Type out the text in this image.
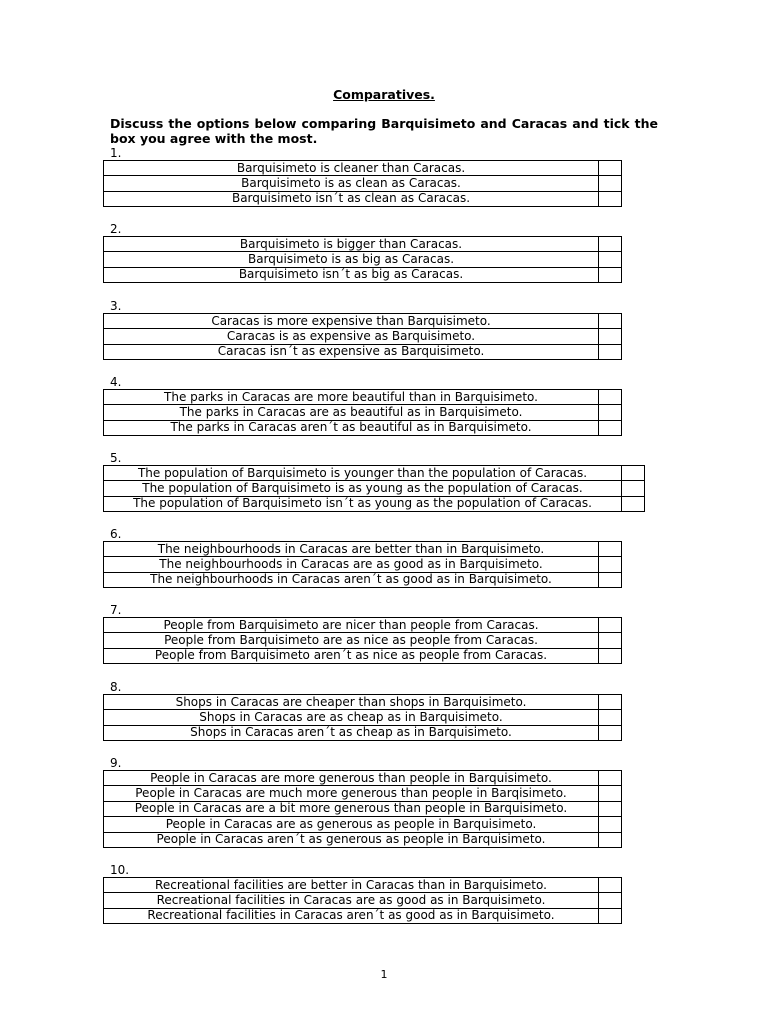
Comparatives.
Discuss the options below comparing Barquisimeto and Caracas and tick the box you agree with the most.
1.
Barquisimeto is cleaner than Caracas.	
Barquisimeto is as clean as Caracas.	
Barquisimeto isn´t as clean as Caracas.	
2.
Barquisimeto is bigger than Caracas.	
Barquisimeto is as big as Caracas.	
Barquisimeto isn´t as big as Caracas.	
3.
Caracas is more expensive than Barquisimeto.	
Caracas is as expensive as Barquisimeto.	
Caracas isn´t as expensive as Barquisimeto.	
4.
The parks in Caracas are more beautiful than in Barquisimeto.	
The parks in Caracas are as beautiful as in Barquisimeto.	
The parks in Caracas aren´t as beautiful as in Barquisimeto.	
5.
The population of Barquisimeto is younger than the population of Caracas.	
The population of Barquisimeto is as young as the population of Caracas.	
The population of Barquisimeto isn´t as young as the population of Caracas.	
6.
The neighbourhoods in Caracas are better than in Barquisimeto.	
The neighbourhoods in Caracas are as good as in Barquisimeto.	
The neighbourhoods in Caracas aren´t as good as in Barquisimeto.	
7.
People from Barquisimeto are nicer than people from Caracas.	
People from Barquisimeto are as nice as people from Caracas.	
People from Barquisimeto aren´t as nice as people from Caracas.	
8.
Shops in Caracas are cheaper than shops in Barquisimeto.	
Shops in Caracas are as cheap as in Barquisimeto.	
Shops in Caracas aren´t as cheap as in Barquisimeto.	
9.
People in Caracas are more generous than people in Barquisimeto.	
People in Caracas are much more generous than people in Barqisimeto.	
People in Caracas are a bit more generous than people in Barquisimeto.	
People in Caracas are as generous as people in Barquisimeto.	
People in Caracas aren´t as generous as people in Barquisimeto.	
10.
Recreational facilities are better in Caracas than in Barquisimeto.	
Recreational facilities in Caracas are as good as in Barquisimeto.	
Recreational facilities in Caracas aren´t as good as in Barquisimeto.	
1
